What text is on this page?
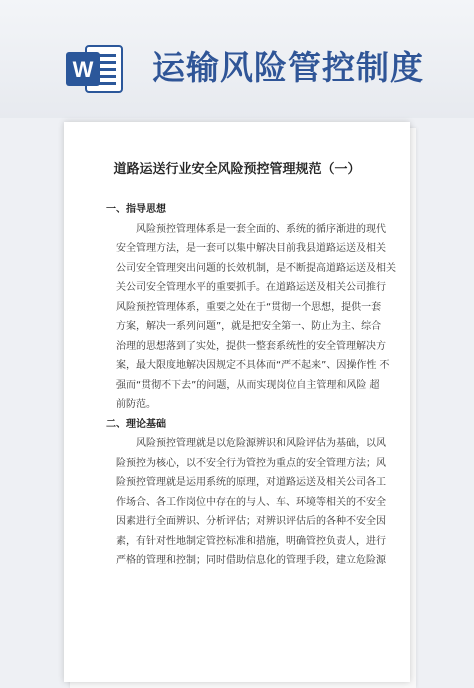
W 运输风险管控制度
道路运送行业安全风险预控管理规范（一）
一、指导思想
风险预控管理体系是一套全面的、系统的循序渐进的现代
安全管理方法，是一套可以集中解决目前我县道路运送及相关
公司安全管理突出问题的长效机制，是不断提高道路运送及相关
关公司安全管理水平的重要抓手。在道路运送及相关公司推行
风险预控管理体系，重要之处在于“贯彻一个思想，提供一套
方案，解决一系列问题”，就是把安全第一、防止为主、综合
治理的思想落到了实处，提供一整套系统性的安全管理解决方
案，最大限度地解决因规定不具体而“严不起来”、因操作性 不
强而“贯彻不下去”的问题，从而实现岗位自主管理和风险 超
前防范。
二、理论基础
风险预控管理就是以危险源辨识和风险评估为基础，以风
险预控为核心，以不安全行为管控为重点的安全管理方法；风
险预控管理就是运用系统的原理，对道路运送及相关公司各工
作场合、各工作岗位中存在的与人、车、环境等相关的不安全
因素进行全面辨识、分析评估；对辨识评估后的各种不安全因
素，有针对性地制定管控标准和措施，明确管控负责人，进行
严格的管理和控制；同时借助信息化的管理手段，建立危险源
